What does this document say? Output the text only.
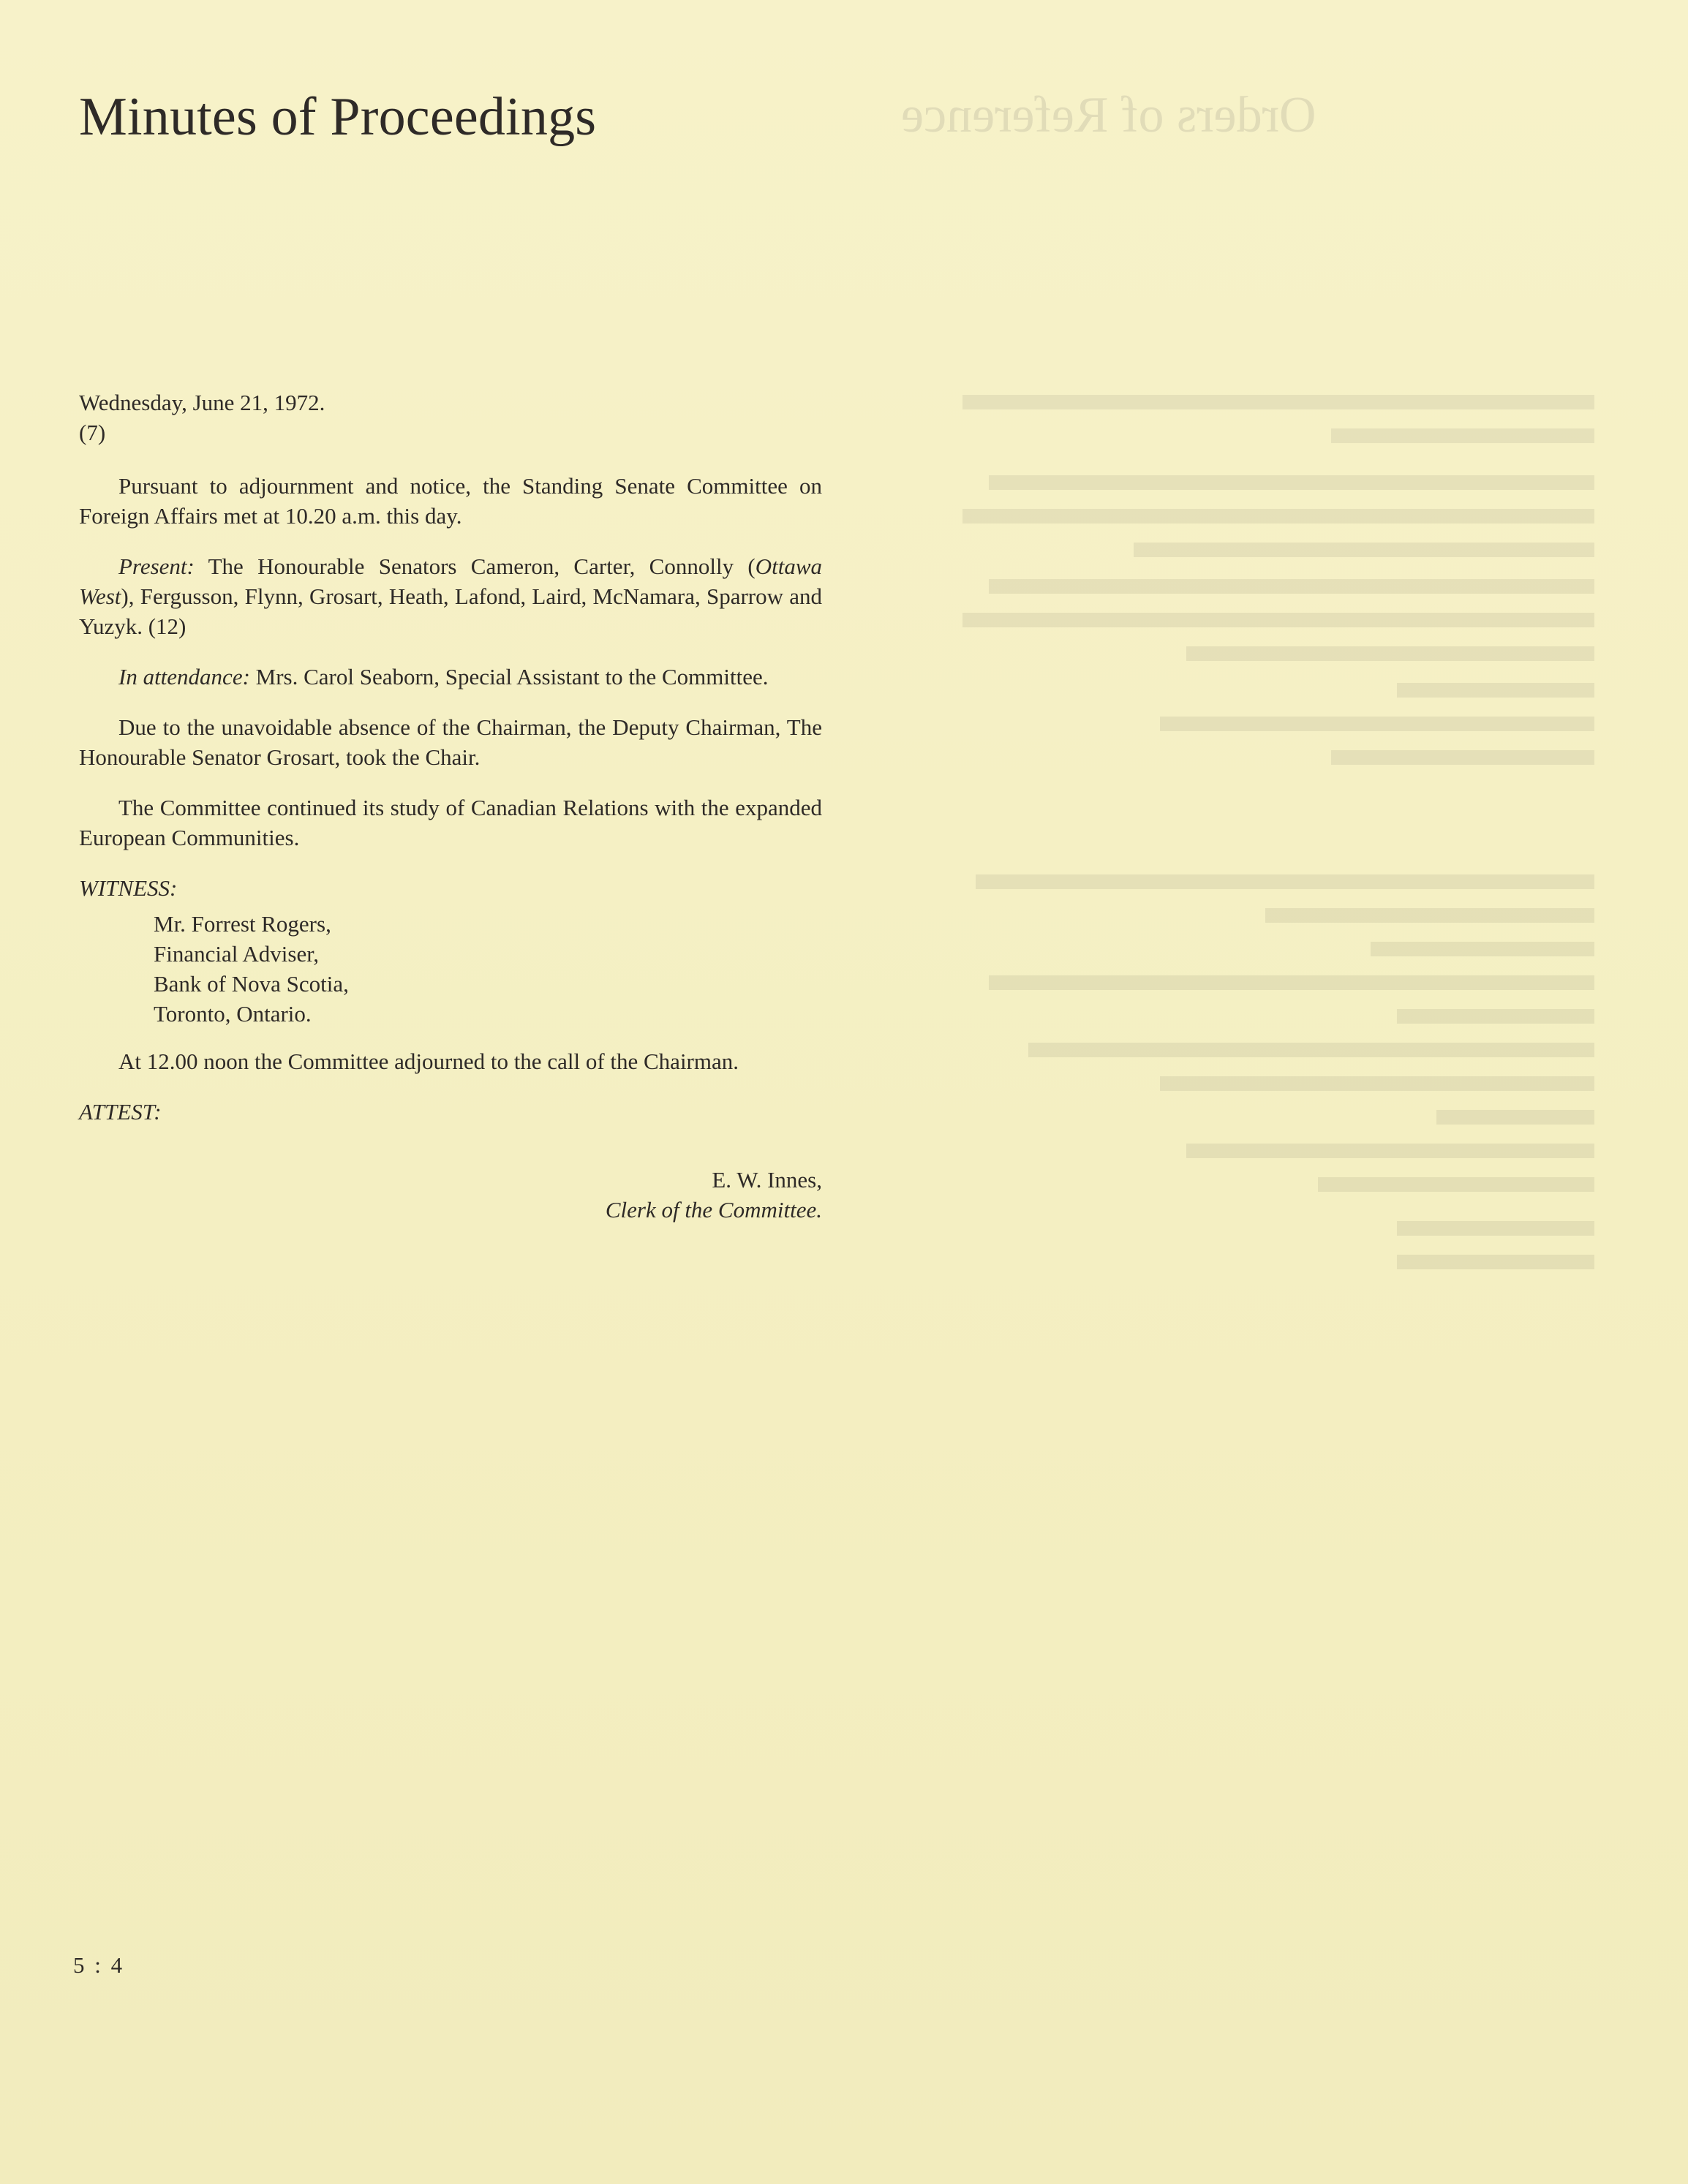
Orders of Reference
Minutes of Proceedings

Wednesday, June 21, 1972.

(7)

Pursuant to adjournment and notice, the Standing Senate Committee on Foreign Affairs met at 10.20 a.m. this day.

Present: The Honourable Senators Cameron, Carter, Connolly (Ottawa West), Fergusson, Flynn, Grosart, Heath, Lafond, Laird, McNamara, Sparrow and Yuzyk. (12)

In attendance: Mrs. Carol Seaborn, Special Assistant to the Committee.

Due to the unavoidable absence of the Chairman, the Deputy Chairman, The Honourable Senator Grosart, took the Chair.

The Committee continued its study of Canadian Relations with the expanded European Communities.

WITNESS:

Mr. Forrest Rogers,
Financial Adviser,
Bank of Nova Scotia,
Toronto, Ontario.

At 12.00 noon the Committee adjourned to the call of the Chairman.

ATTEST:

E. W. Innes,
Clerk of the Committee.
5 : 4
